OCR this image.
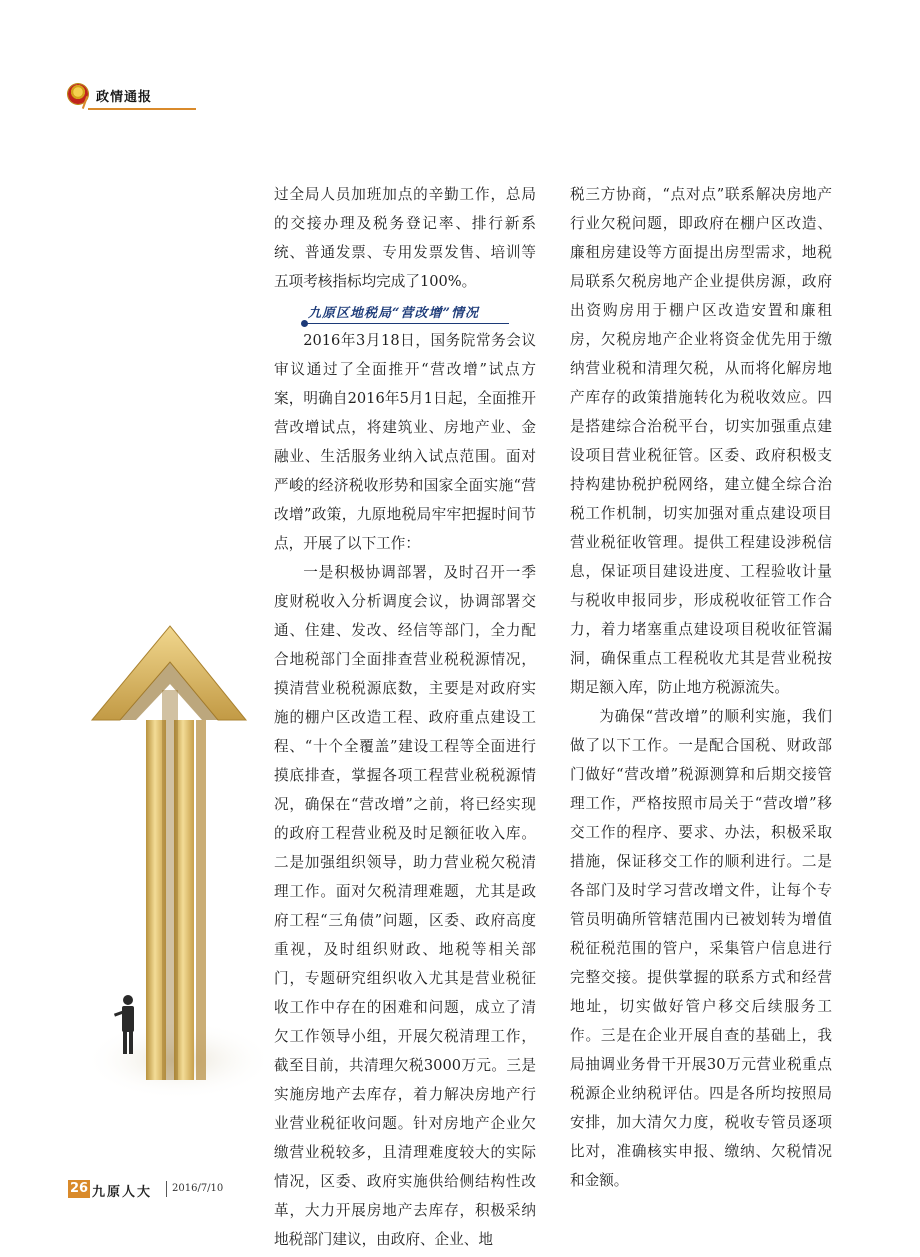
政情通报

过全局人员加班加点的辛勤工作，总局的交接办理及税务登记率、排行新系统、普通发票、专用发票发售、培训等五项考核指标均完成了100%。

九原区地税局“营改增”情况

2016年3月18日，国务院常务会议审议通过了全面推开“营改增”试点方案，明确自2016年5月1日起，全面推开营改增试点，将建筑业、房地产业、金融业、生活服务业纳入试点范围。面对严峻的经济税收形势和国家全面实施“营改增”政策，九原地税局牢牢把握时间节点，开展了以下工作：

一是积极协调部署，及时召开一季度财税收入分析调度会议，协调部署交通、住建、发改、经信等部门，全力配合地税部门全面排查营业税税源情况，摸清营业税税源底数，主要是对政府实施的棚户区改造工程、政府重点建设工程、“十个全覆盖”建设工程等全面进行摸底排查，掌握各项工程营业税税源情况，确保在“营改增”之前，将已经实现的政府工程营业税及时足额征收入库。二是加强组织领导，助力营业税欠税清理工作。面对欠税清理难题，尤其是政府工程“三角债”问题，区委、政府高度重视，及时组织财政、地税等相关部门，专题研究组织收入尤其是营业税征收工作中存在的困难和问题，成立了清欠工作领导小组，开展欠税清理工作，截至目前，共清理欠税3000万元。三是实施房地产去库存，着力解决房地产行业营业税征收问题。针对房地产企业欠缴营业税较多，且清理难度较大的实际情况，区委、政府实施供给侧结构性改革，大力开展房地产去库存，积极采纳地税部门建议，由政府、企业、地

税三方协商，“点对点”联系解决房地产行业欠税问题，即政府在棚户区改造、廉租房建设等方面提出房型需求，地税局联系欠税房地产企业提供房源，政府出资购房用于棚户区改造安置和廉租房，欠税房地产企业将资金优先用于缴纳营业税和清理欠税，从而将化解房地产库存的政策措施转化为税收效应。四是搭建综合治税平台，切实加强重点建设项目营业税征管。区委、政府积极支持构建协税护税网络，建立健全综合治税工作机制，切实加强对重点建设项目营业税征收管理。提供工程建设涉税信息，保证项目建设进度、工程验收计量与税收申报同步，形成税收征管工作合力，着力堵塞重点建设项目税收征管漏洞，确保重点工程税收尤其是营业税按期足额入库，防止地方税源流失。

为确保“营改增”的顺利实施，我们做了以下工作。一是配合国税、财政部门做好“营改增”税源测算和后期交接管理工作，严格按照市局关于“营改增”移交工作的程序、要求、办法，积极采取措施，保证移交工作的顺利进行。二是各部门及时学习营改增文件，让每个专管员明确所管辖范围内已被划转为增值税征税范围的管户，采集管户信息进行完整交接。提供掌握的联系方式和经营地址，切实做好管户移交后续服务工作。三是在企业开展自查的基础上，我局抽调业务骨干开展30万元营业税重点税源企业纳税评估。四是各所均按照局安排，加大清欠力度，税收专管员逐项比对，准确核实申报、缴纳、欠税情况和金额。

26 九原人大 2016/7/10
